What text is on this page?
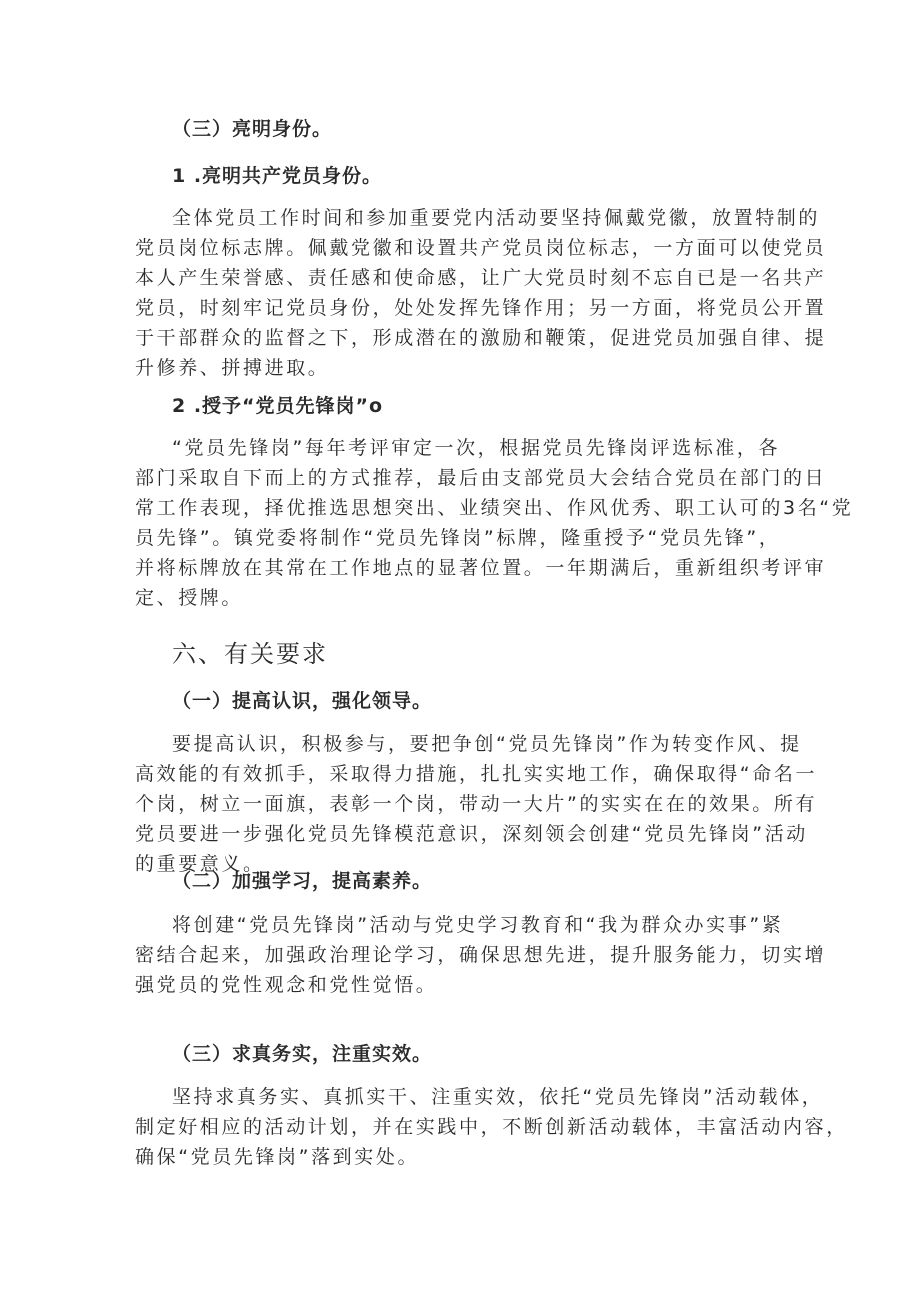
（三）亮明身份。
1 .亮明共产党员身份。
全体党员工作时间和参加重要党内活动要坚持佩戴党徽，放置特制的
党员岗位标志牌。佩戴党徽和设置共产党员岗位标志，一方面可以使党员
本人产生荣誉感、责任感和使命感，让广大党员时刻不忘自已是一名共产
党员，时刻牢记党员身份，处处发挥先锋作用；另一方面，将党员公开置
于干部群众的监督之下，形成潜在的激励和鞭策，促进党员加强自律、提
升修养、拼搏进取。
2 .授予“党员先锋岗”o
“党员先锋岗”每年考评审定一次，根据党员先锋岗评选标准，各
部门采取自下而上的方式推荐，最后由支部党员大会结合党员在部门的日
常工作表现，择优推选思想突出、业绩突出、作风优秀、职工认可的3名“党
员先锋”。镇党委将制作“党员先锋岗”标牌，隆重授予“党员先锋”，
并将标牌放在其常在工作地点的显著位置。一年期满后，重新组织考评审
定、授牌。
六、有关要求
（一）提高认识，强化领导。
要提高认识，积极参与，要把争创“党员先锋岗”作为转变作风、提
高效能的有效抓手，采取得力措施，扎扎实实地工作，确保取得“命名一
个岗，树立一面旗，表彰一个岗，带动一大片”的实实在在的效果。所有
党员要进一步强化党员先锋模范意识，深刻领会创建“党员先锋岗”活动
的重要意义。
（二）加强学习，提高素养。
将创建“党员先锋岗”活动与党史学习教育和“我为群众办实事”紧
密结合起来，加强政治理论学习，确保思想先进，提升服务能力，切实增
强党员的党性观念和党性觉悟。
（三）求真务实，注重实效。
坚持求真务实、真抓实干、注重实效，依托“党员先锋岗”活动载体，
制定好相应的活动计划，并在实践中，不断创新活动载体，丰富活动内容，
确保“党员先锋岗”落到实处。
